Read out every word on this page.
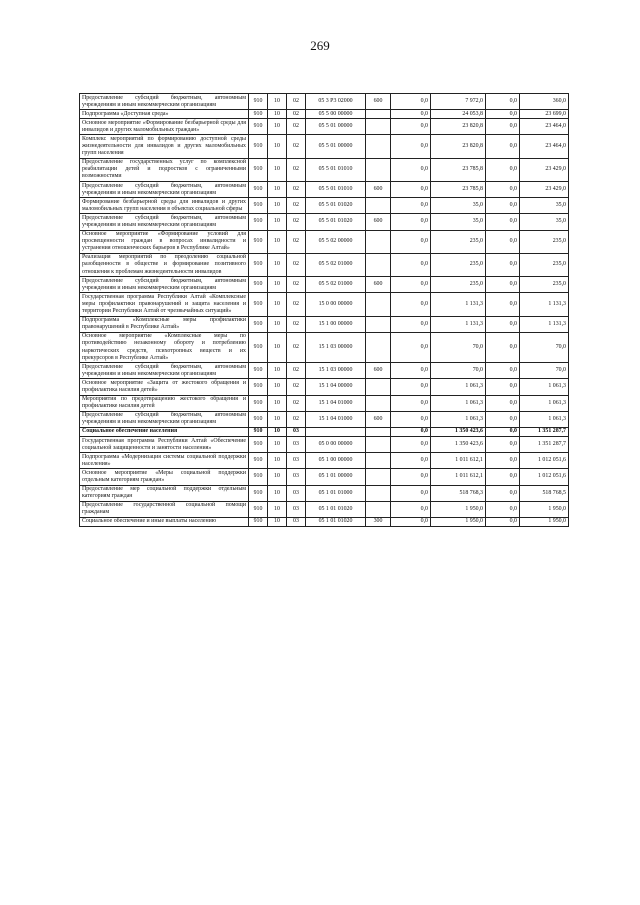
269
Предоставление субсидий бюджетным, автономным учреждениям и иным некоммерческим организациям	910	10	02	05 3 P3 02000	600	0,0	7 972,0	0,0	360,0
Подпрограмма «Доступная среда»	910	10	02	05 5 00 00000		0,0	24 053,8	0,0	23 699,0
Основное мероприятие «Формирование безбарьерной среды для инвалидов и других маломобильных граждан»	910	10	02	05 5 01 00000		0,0	23 820,8	0,0	23 464,0
Комплекс мероприятий по формированию доступной среды жизнедеятельности для инвалидов и других маломобильных групп населения	910	10	02	05 5 01 00000		0,0	23 820,8	0,0	23 464,0
Предоставление государственных услуг по комплексной реабилитации детей и подростков с ограниченными возможностями	910	10	02	05 5 01 01010		0,0	23 785,8	0,0	23 429,0
Предоставление субсидий бюджетным, автономным учреждениям и иным некоммерческим организациям	910	10	02	05 5 01 01010	600	0,0	23 785,8	0,0	23 429,0
Формирование безбарьерной среды для инвалидов и других маломобильных групп населения в объектах социальной сферы	910	10	02	05 5 01 01020		0,0	35,0	0,0	35,0
Предоставление субсидий бюджетным, автономным учреждениям и иным некоммерческим организациям	910	10	02	05 5 01 01020	600	0,0	35,0	0,0	35,0
Основное мероприятие «Формирование условий для просвещенности граждан в вопросах инвалидности и устранения отношенческих барьеров в Республике Алтай»	910	10	02	05 5 02 00000		0,0	235,0	0,0	235,0
Реализация мероприятий по преодолению социальной разобщенности в обществе и формирование позитивного отношения к проблемам жизнедеятельности инвалидов	910	10	02	05 5 02 01000		0,0	235,0	0,0	235,0
Предоставление субсидий бюджетным, автономным учреждениям и иным некоммерческим организациям	910	10	02	05 5 02 01000	600	0,0	235,0	0,0	235,0
Государственная программа Республики Алтай «Комплексные меры профилактики правонарушений и защита населения и территории Республики Алтай от чрезвычайных ситуаций»	910	10	02	15 0 00 00000		0,0	1 131,3	0,0	1 131,3
Подпрограмма «Комплексные меры профилактики правонарушений в Республике Алтай»	910	10	02	15 1 00 00000		0,0	1 131,3	0,0	1 131,3
Основное мероприятие «Комплексные меры по противодействию незаконному обороту и потреблению наркотических средств, психотропных веществ и их прекурсоров в Республике Алтай»	910	10	02	15 1 03 00000		0,0	70,0	0,0	70,0
Предоставление субсидий бюджетным, автономным учреждениям и иным некоммерческим организациям	910	10	02	15 1 03 00000	600	0,0	70,0	0,0	70,0
Основное мероприятие «Защита от жестокого обращения и профилактика насилия детей»	910	10	02	15 1 04 00000		0,0	1 061,3	0,0	1 061,3
Мероприятия по предотвращению жестокого обращения и профилактике насилия детей	910	10	02	15 1 04 01000		0,0	1 061,3	0,0	1 061,3
Предоставление субсидий бюджетным, автономным учреждениям и иным некоммерческим организациям	910	10	02	15 1 04 01000	600	0,0	1 061,3	0,0	1 061,3
Социальное обеспечение населения	910	10	03			0,0	1 350 423,6	0,0	1 351 287,7
Государственная программа Республики Алтай «Обеспечение социальной защищенности и занятости населения»	910	10	03	05 0 00 00000		0,0	1 350 423,6	0,0	1 351 287,7
Подпрограмма «Модернизация системы социальной поддержки населения»	910	10	03	05 1 00 00000		0,0	1 011 612,1	0,0	1 012 051,6
Основное мероприятие «Меры социальной поддержки отдельным категориям граждан»	910	10	03	05 1 01 00000		0,0	1 011 612,1	0,0	1 012 051,6
Предоставление мер социальной поддержки отдельным категориям граждан	910	10	03	05 1 01 01000		0,0	518 768,3	0,0	518 768,5
Предоставление государственной социальной помощи гражданам	910	10	03	05 1 01 01020		0,0	1 950,0	0,0	1 950,0
Социальное обеспечение и иные выплаты населению	910	10	03	05 1 01 01020	300	0,0	1 950,0	0,0	1 950,0
